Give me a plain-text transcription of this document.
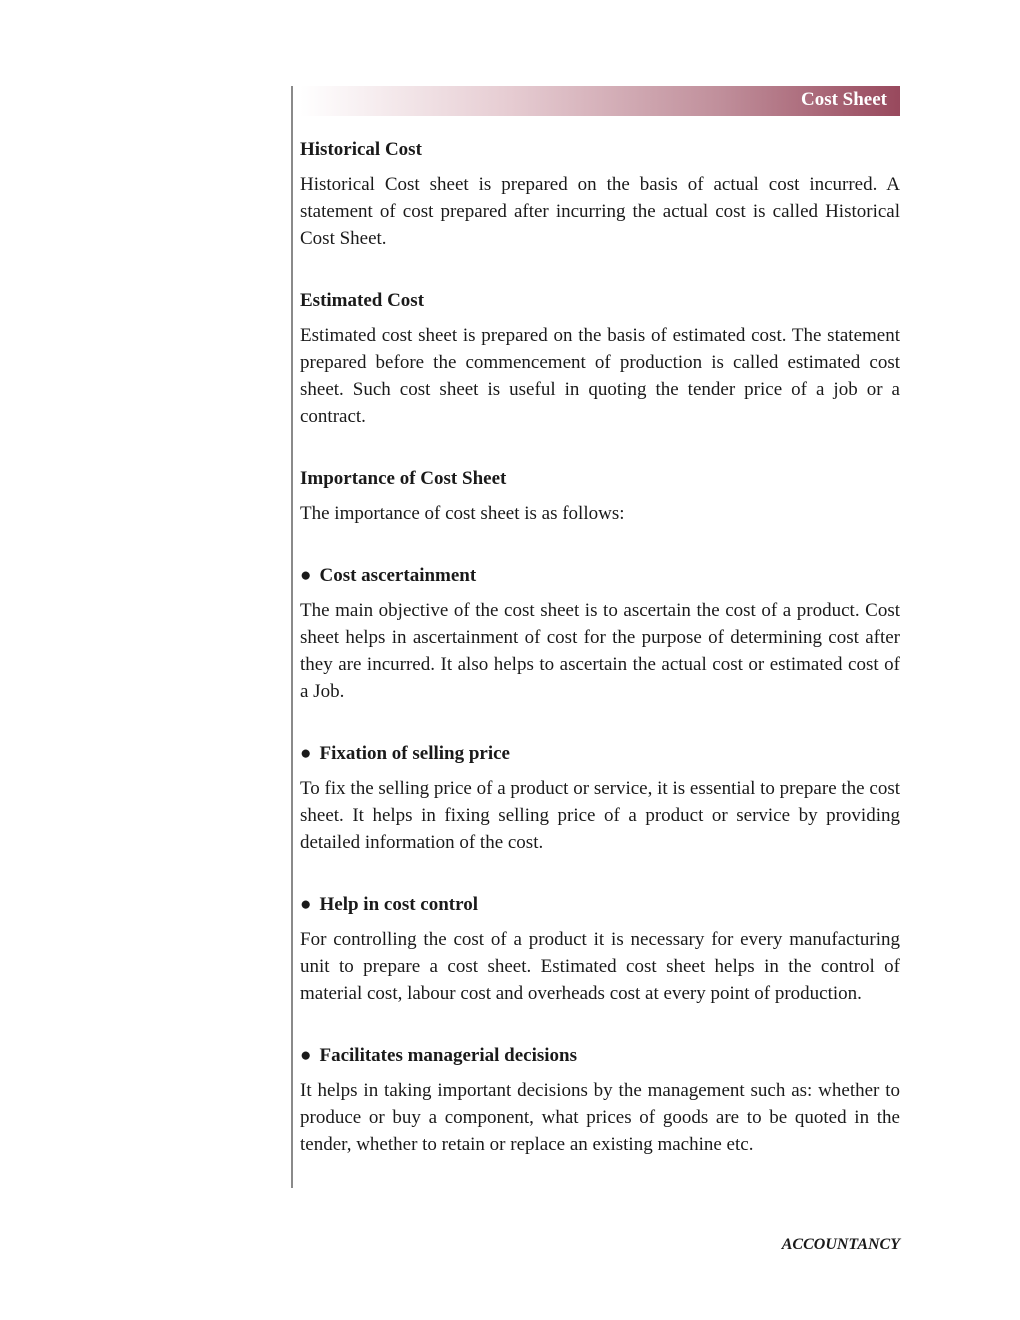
Cost Sheet
Historical Cost

Historical Cost sheet is prepared on the basis of actual cost incurred. A statement of cost prepared after incurring the actual cost is called Historical Cost Sheet.

Estimated Cost

Estimated cost sheet is prepared on the basis of estimated cost. The statement prepared before the commencement of production is called estimated cost sheet. Such cost sheet is useful in quoting the tender price of a job or a contract.

Importance of Cost Sheet

The importance of cost sheet is as follows:

● Cost ascertainment

The main objective of the cost sheet is to ascertain the cost of a product. Cost sheet helps in ascertainment of cost for the purpose of determining cost after they are incurred. It also helps to ascertain the actual cost or estimated cost of a Job.

● Fixation of selling price

To fix the selling price of a product or service, it is essential to prepare the cost sheet. It helps in fixing selling price of a product or service by providing detailed information of the cost.

● Help in cost control

For controlling the cost of a product it is necessary for every manufacturing unit to prepare a cost sheet. Estimated cost sheet helps in the control of material cost, labour cost and overheads cost at every point of production.

● Facilitates managerial decisions

It helps in taking important decisions by the management such as: whether to produce or buy a component, what prices of goods are to be quoted in the tender, whether to retain or replace an existing machine etc.

ACCOUNTANCY
